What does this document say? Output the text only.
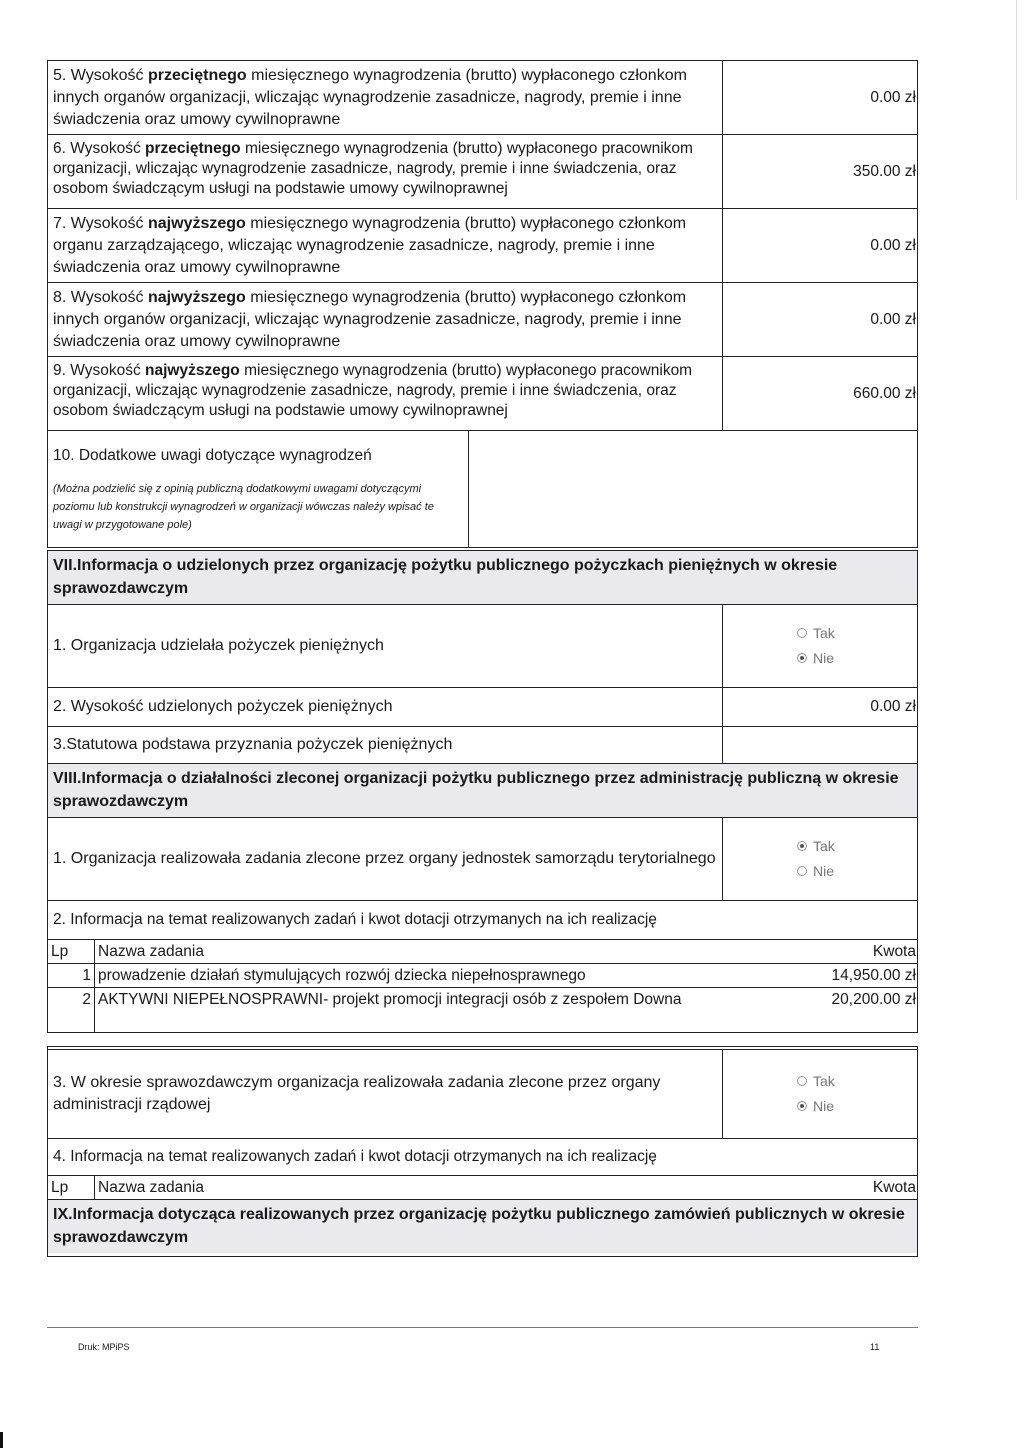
5. Wysokość przeciętnego miesięcznego wynagrodzenia (brutto) wypłaconego członkom innych organów organizacji, wliczając wynagrodzenie zasadnicze, nagrody, premie i inne świadczenia oraz umowy cywilnoprawne
0.00 zł
6. Wysokość przeciętnego miesięcznego wynagrodzenia (brutto) wypłaconego pracownikom organizacji, wliczając wynagrodzenie zasadnicze, nagrody, premie i inne świadczenia, oraz osobom świadczącym usługi na podstawie umowy cywilnoprawnej
350.00 zł
7. Wysokość najwyższego miesięcznego wynagrodzenia (brutto) wypłaconego członkom organu zarządzającego, wliczając wynagrodzenie zasadnicze, nagrody, premie i inne świadczenia oraz umowy cywilnoprawne
0.00 zł
8. Wysokość najwyższego miesięcznego wynagrodzenia (brutto) wypłaconego członkom innych organów organizacji, wliczając wynagrodzenie zasadnicze, nagrody, premie i inne świadczenia oraz umowy cywilnoprawne
0.00 zł
9. Wysokość najwyższego miesięcznego wynagrodzenia (brutto) wypłaconego pracownikom organizacji, wliczając wynagrodzenie zasadnicze, nagrody, premie i inne świadczenia, oraz osobom świadczącym usługi na podstawie umowy cywilnoprawnej
660.00 zł
10. Dodatkowe uwagi dotyczące wynagrodzeń
(Można podzielić się z opinią publiczną dodatkowymi uwagami dotyczącymi poziomu lub konstrukcji wynagrodzeń w organizacji wówczas należy wpisać te uwagi w przygotowane pole)
VII.Informacja o udzielonych przez organizację pożytku publicznego pożyczkach pieniężnych w okresie sprawozdawczym
1. Organizacja udzielała pożyczek pieniężnych
Tak
Nie
2. Wysokość udzielonych pożyczek pieniężnych	0.00 zł
3.Statutowa podstawa przyznania pożyczek pieniężnych
VIII.Informacja o działalności zleconej organizacji pożytku publicznego przez administrację publiczną w okresie sprawozdawczym
1. Organizacja realizowała zadania zlecone przez organy jednostek samorządu terytorialnego
Tak
Nie
2. Informacja na temat realizowanych zadań i kwot dotacji otrzymanych na ich realizację
Lp	Nazwa zadania	Kwota
1 prowadzenie działań stymulujących rozwój dziecka niepełnosprawnego	14,950.00 zł
2 AKTYWNI NIEPEŁNOSPRAWNI- projekt promocji integracji osób z zespołem Downa	20,200.00 zł
3. W okresie sprawozdawczym organizacja realizowała zadania zlecone przez organy administracji rządowej
Tak
Nie
4. Informacja na temat realizowanych zadań i kwot dotacji otrzymanych na ich realizację
Lp	Nazwa zadania	Kwota
IX.Informacja dotycząca realizowanych przez organizację pożytku publicznego zamówień publicznych w okresie sprawozdawczym
Druk: MPiPS	11
